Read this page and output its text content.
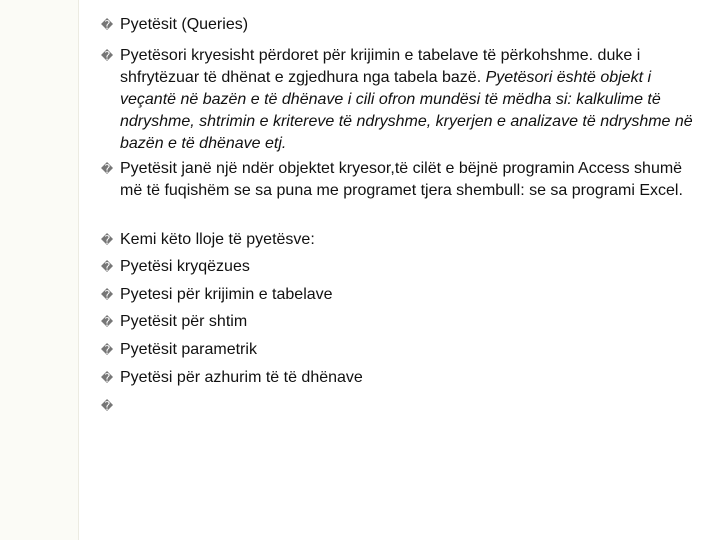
� Pyetësit (Queries)
� Pyetësori kryesisht përdoret për krijimin e tabelave të përkohshme. duke i shfrytëzuar të dhënat e zgjedhura nga tabela bazë. Pyetësori është objekt i veçantë në bazën e të dhënave i cili ofron mundësi të mëdha si: kalkulime të ndryshme, shtrimin e kritereve të ndryshme, kryerjen e analizave të ndryshme në bazën e të dhënave etj.
� Pyetësit janë një ndër objektet kryesor,të cilët e bëjnë programin Access shumë më të fuqishëm se sa puna me programet tjera shembull: se sa programi Excel.
� Kemi këto lloje të pyetësve:
� Pyetësi kryqëzues
� Pyetesi për krijimin e tabelave
� Pyetësit për shtim
� Pyetësit parametrik
� Pyetësi për azhurim të të dhënave
�
